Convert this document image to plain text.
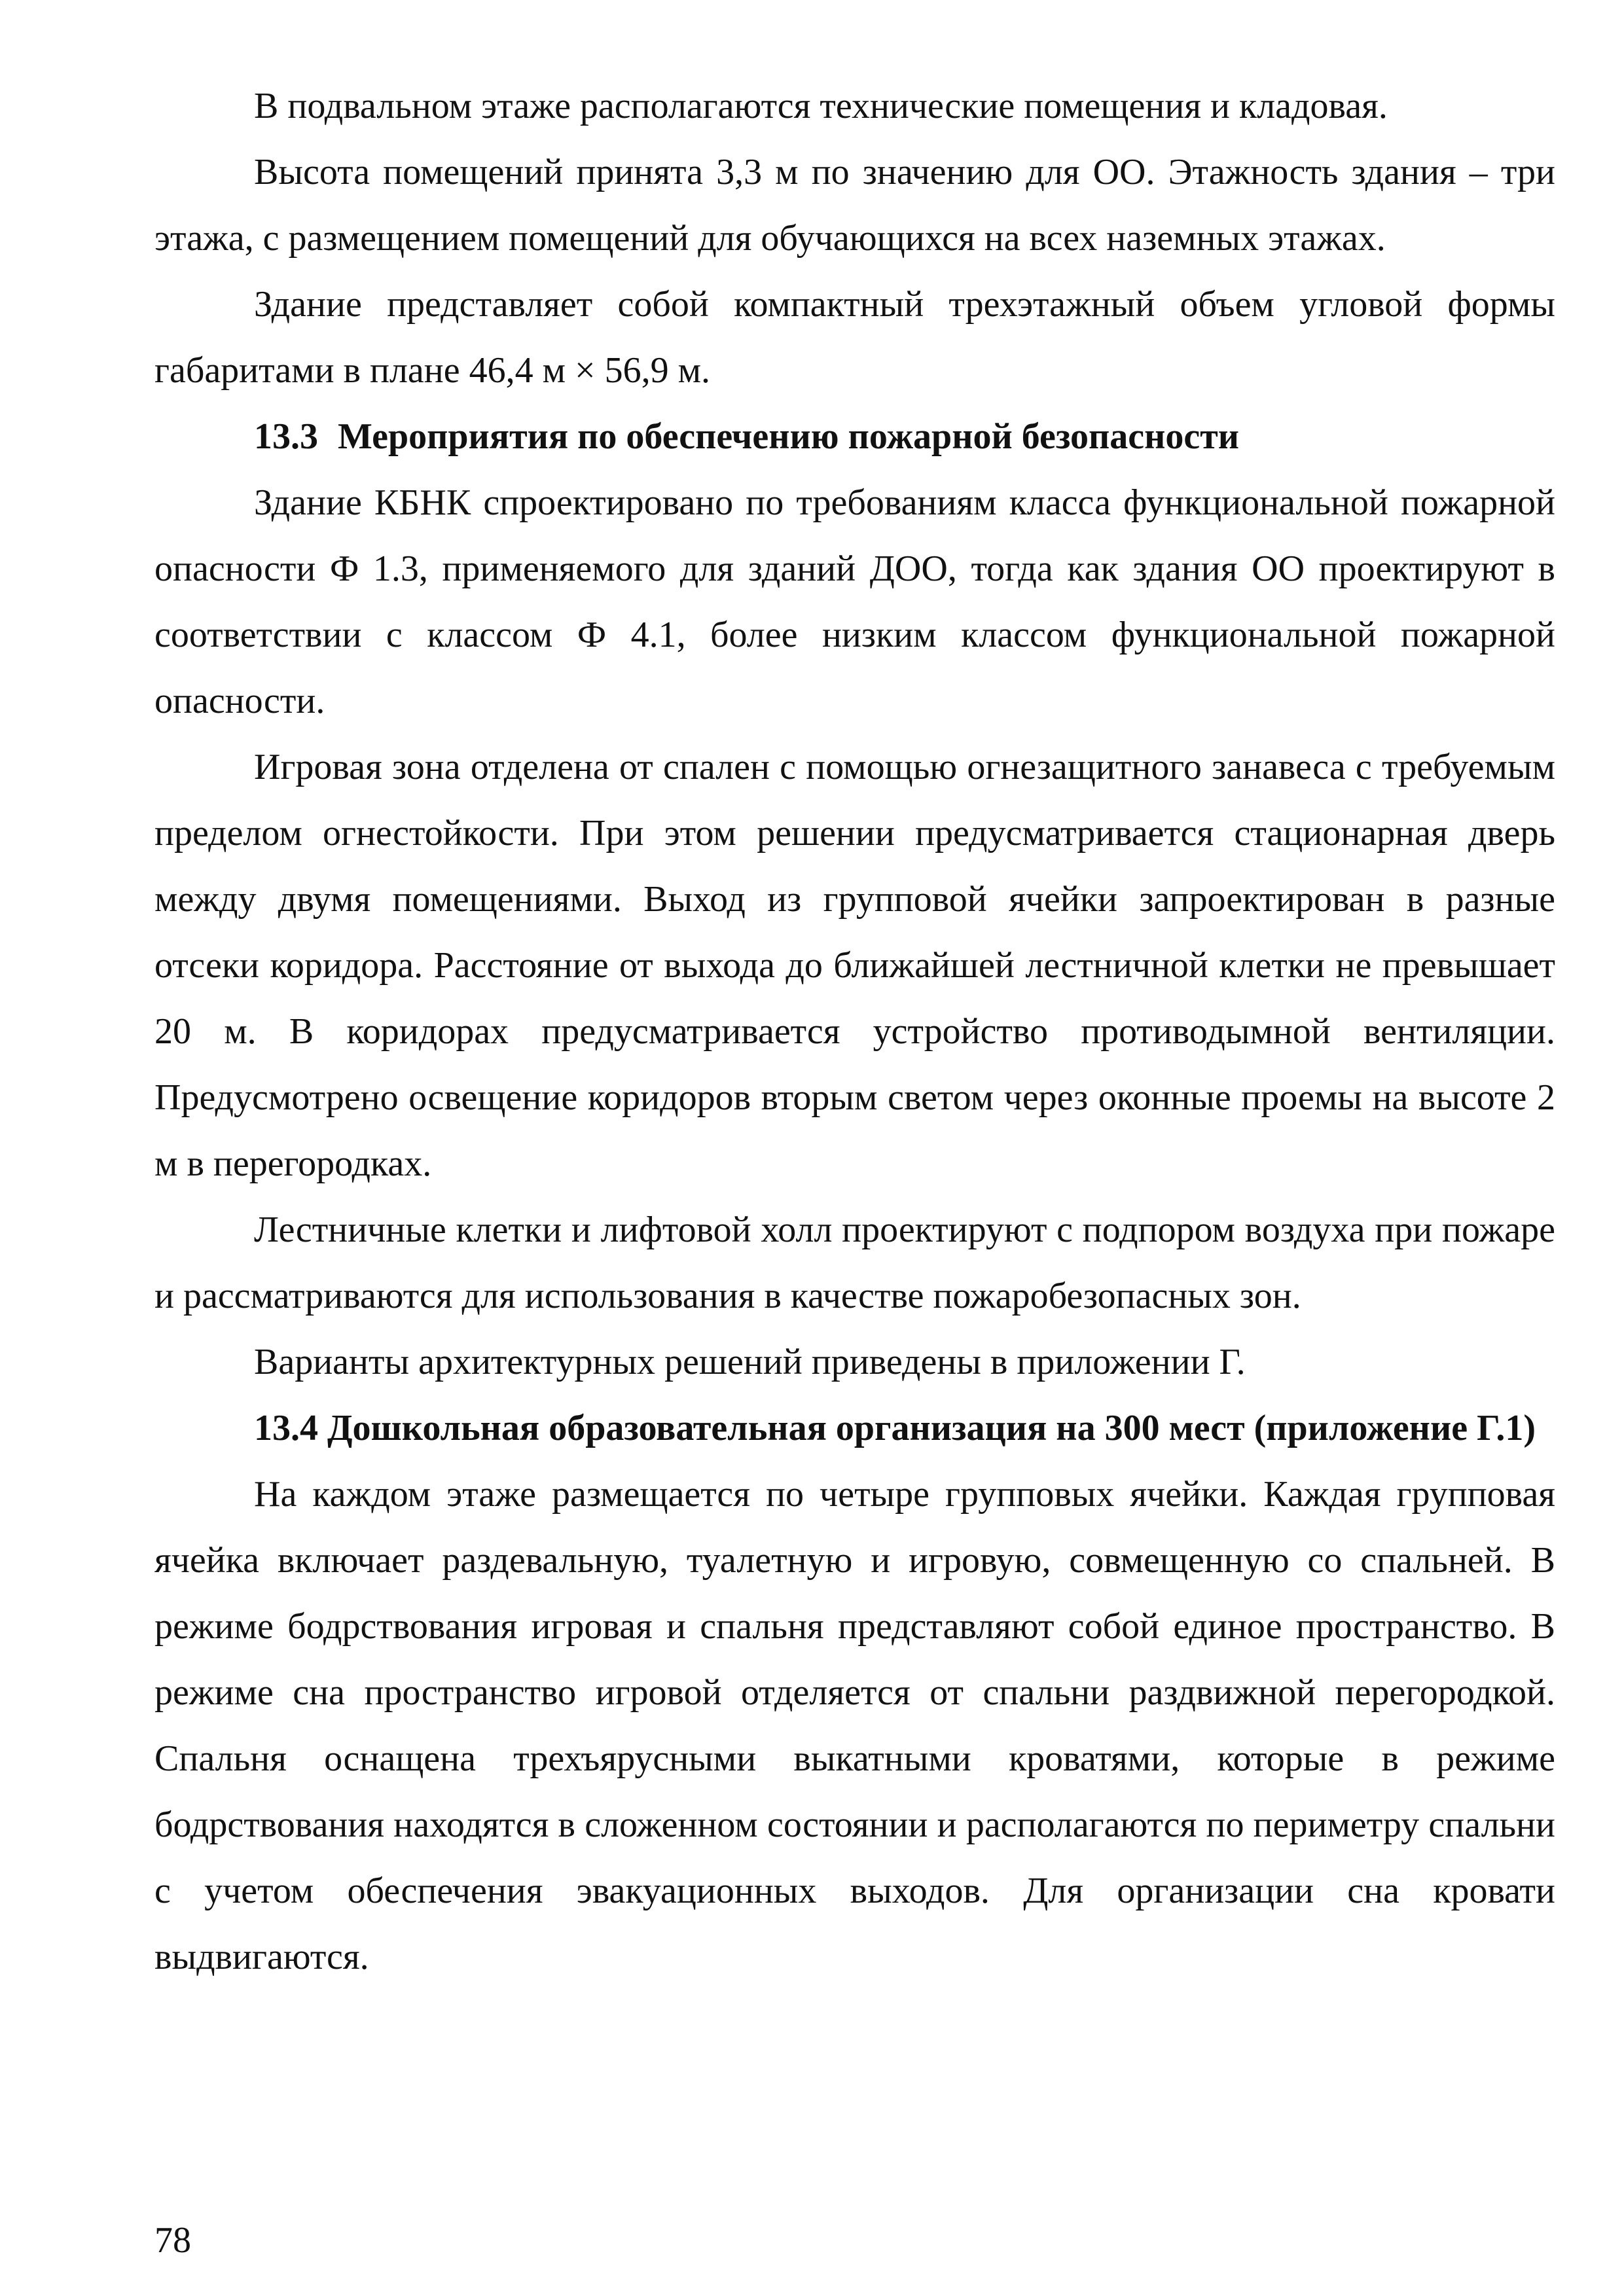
В подвальном этаже располагаются технические помещения и кладовая.

Высота помещений принята 3,3 м по значению для ОО. Этажность здания – три этажа, с размещением помещений для обучающихся на всех наземных этажах.

Здание представляет собой компактный трехэтажный объем угловой формы габаритами в плане 46,4 м × 56,9 м.

13.3 Мероприятия по обеспечению пожарной безопасности

Здание КБНК спроектировано по требованиям класса функциональной пожарной опасности Ф 1.3, применяемого для зданий ДОО, тогда как здания ОО проектируют в соответствии с классом Ф 4.1, более низким классом функциональной пожарной опасности.

Игровая зона отделена от спален с помощью огнезащитного занавеса с требуемым пределом огнестойкости. При этом решении предусматривается стационарная дверь между двумя помещениями. Выход из групповой ячейки запроектирован в разные отсеки коридора. Расстояние от выхода до ближайшей лестничной клетки не превышает 20 м. В коридорах предусматривается устройство противодымной вентиляции. Предусмотрено освещение коридоров вторым светом через оконные проемы на высоте 2 м в перегородках.

Лестничные клетки и лифтовой холл проектируют с подпором воздуха при пожаре и рассматриваются для использования в качестве пожаробезопасных зон.

Варианты архитектурных решений приведены в приложении Г.

13.4 Дошкольная образовательная организация на 300 мест (приложение Г.1)

На каждом этаже размещается по четыре групповых ячейки. Каждая групповая ячейка включает раздевальную, туалетную и игровую, совмещенную со спальней. В режиме бодрствования игровая и спальня представляют собой единое пространство. В режиме сна пространство игровой отделяется от спальни раздвижной перегородкой. Спальня оснащена трехъярусными выкатными кроватями, которые в режиме бодрствования находятся в сложенном состоянии и располагаются по периметру спальни с учетом обеспечения эвакуационных выходов. Для организации сна кровати выдвигаются.

78
